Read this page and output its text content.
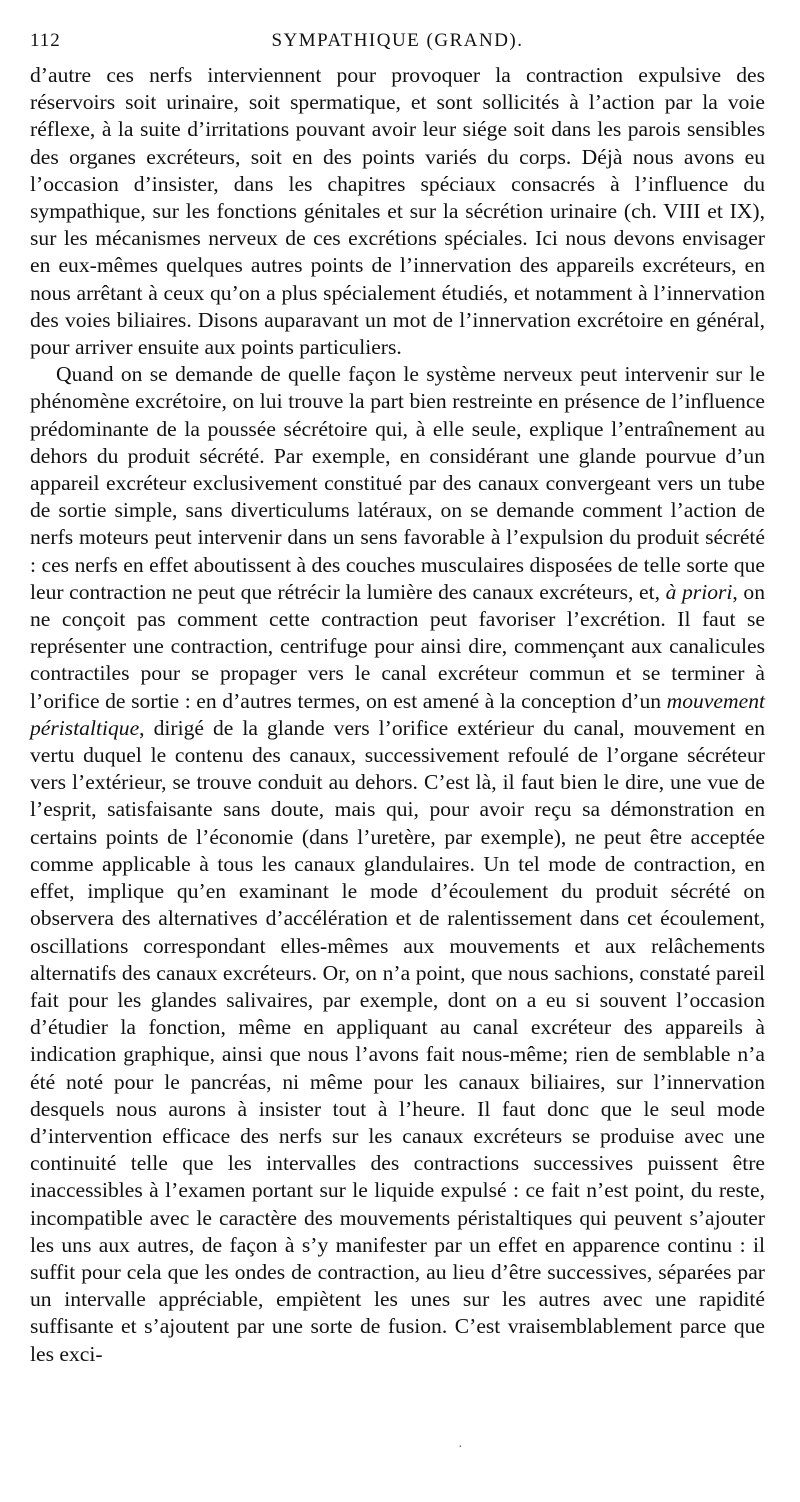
112	SYMPATHIQUE (GRAND).

d’autre ces nerfs interviennent pour provoquer la contraction expulsive des réservoirs soit urinaire, soit spermatique, et sont sollicités à l’action par la voie réflexe, à la suite d’irritations pouvant avoir leur siége soit dans les parois sensibles des organes excréteurs, soit en des points variés du corps. Déjà nous avons eu l’occasion d’insister, dans les chapitres spéciaux consacrés à l’influence du sympathique, sur les fonctions génitales et sur la sécrétion urinaire (ch. VIII et IX), sur les mécanismes nerveux de ces excrétions spéciales. Ici nous devons envisager en eux-mêmes quelques autres points de l’innervation des appareils excréteurs, en nous arrêtant à ceux qu’on a plus spécialement étudiés, et notamment à l’innervation des voies biliaires. Disons auparavant un mot de l’innervation excrétoire en général, pour arriver ensuite aux points particuliers.

Quand on se demande de quelle façon le système nerveux peut intervenir sur le phénomène excrétoire, on lui trouve la part bien restreinte en présence de l’influence prédominante de la poussée sécrétoire qui, à elle seule, explique l’entraînement au dehors du produit sécrété. Par exemple, en considérant une glande pourvue d’un appareil excréteur exclusivement constitué par des canaux convergeant vers un tube de sortie simple, sans diverticulums latéraux, on se demande comment l’action de nerfs moteurs peut intervenir dans un sens favorable à l’expulsion du produit sécrété : ces nerfs en effet aboutissent à des couches musculaires disposées de telle sorte que leur contraction ne peut que rétrécir la lumière des canaux excréteurs, et, à priori, on ne conçoit pas comment cette contraction peut favoriser l’excrétion. Il faut se représenter une contraction, centrifuge pour ainsi dire, commençant aux canalicules contractiles pour se propager vers le canal excréteur commun et se terminer à l’orifice de sortie : en d’autres termes, on est amené à la conception d’un mouvement péristaltique, dirigé de la glande vers l’orifice extérieur du canal, mouvement en vertu duquel le contenu des canaux, successivement refoulé de l’organe sécréteur vers l’extérieur, se trouve conduit au dehors. C’est là, il faut bien le dire, une vue de l’esprit, satisfaisante sans doute, mais qui, pour avoir reçu sa démonstration en certains points de l’économie (dans l’uretère, par exemple), ne peut être acceptée comme applicable à tous les canaux glandulaires. Un tel mode de contraction, en effet, implique qu’en examinant le mode d’écoulement du produit sécrété on observera des alternatives d’accélération et de ralentissement dans cet écoulement, oscillations correspondant elles-mêmes aux mouvements et aux relâchements alternatifs des canaux excréteurs. Or, on n’a point, que nous sachions, constaté pareil fait pour les glandes salivaires, par exemple, dont on a eu si souvent l’occasion d’étudier la fonction, même en appliquant au canal excréteur des appareils à indication graphique, ainsi que nous l’avons fait nous-même; rien de semblable n’a été noté pour le pancréas, ni même pour les canaux biliaires, sur l’innervation desquels nous aurons à insister tout à l’heure. Il faut donc que le seul mode d’intervention efficace des nerfs sur les canaux excréteurs se produise avec une continuité telle que les intervalles des contractions successives puissent être inaccessibles à l’examen portant sur le liquide expulsé : ce fait n’est point, du reste, incompatible avec le caractère des mouvements péristaltiques qui peuvent s’ajouter les uns aux autres, de façon à s’y manifester par un effet en apparence continu : il suffit pour cela que les ondes de contraction, au lieu d’être successives, séparées par un intervalle appréciable, empiètent les unes sur les autres avec une rapidité suffisante et s’ajoutent par une sorte de fusion. C’est vraisemblablement parce que les exci-

·
